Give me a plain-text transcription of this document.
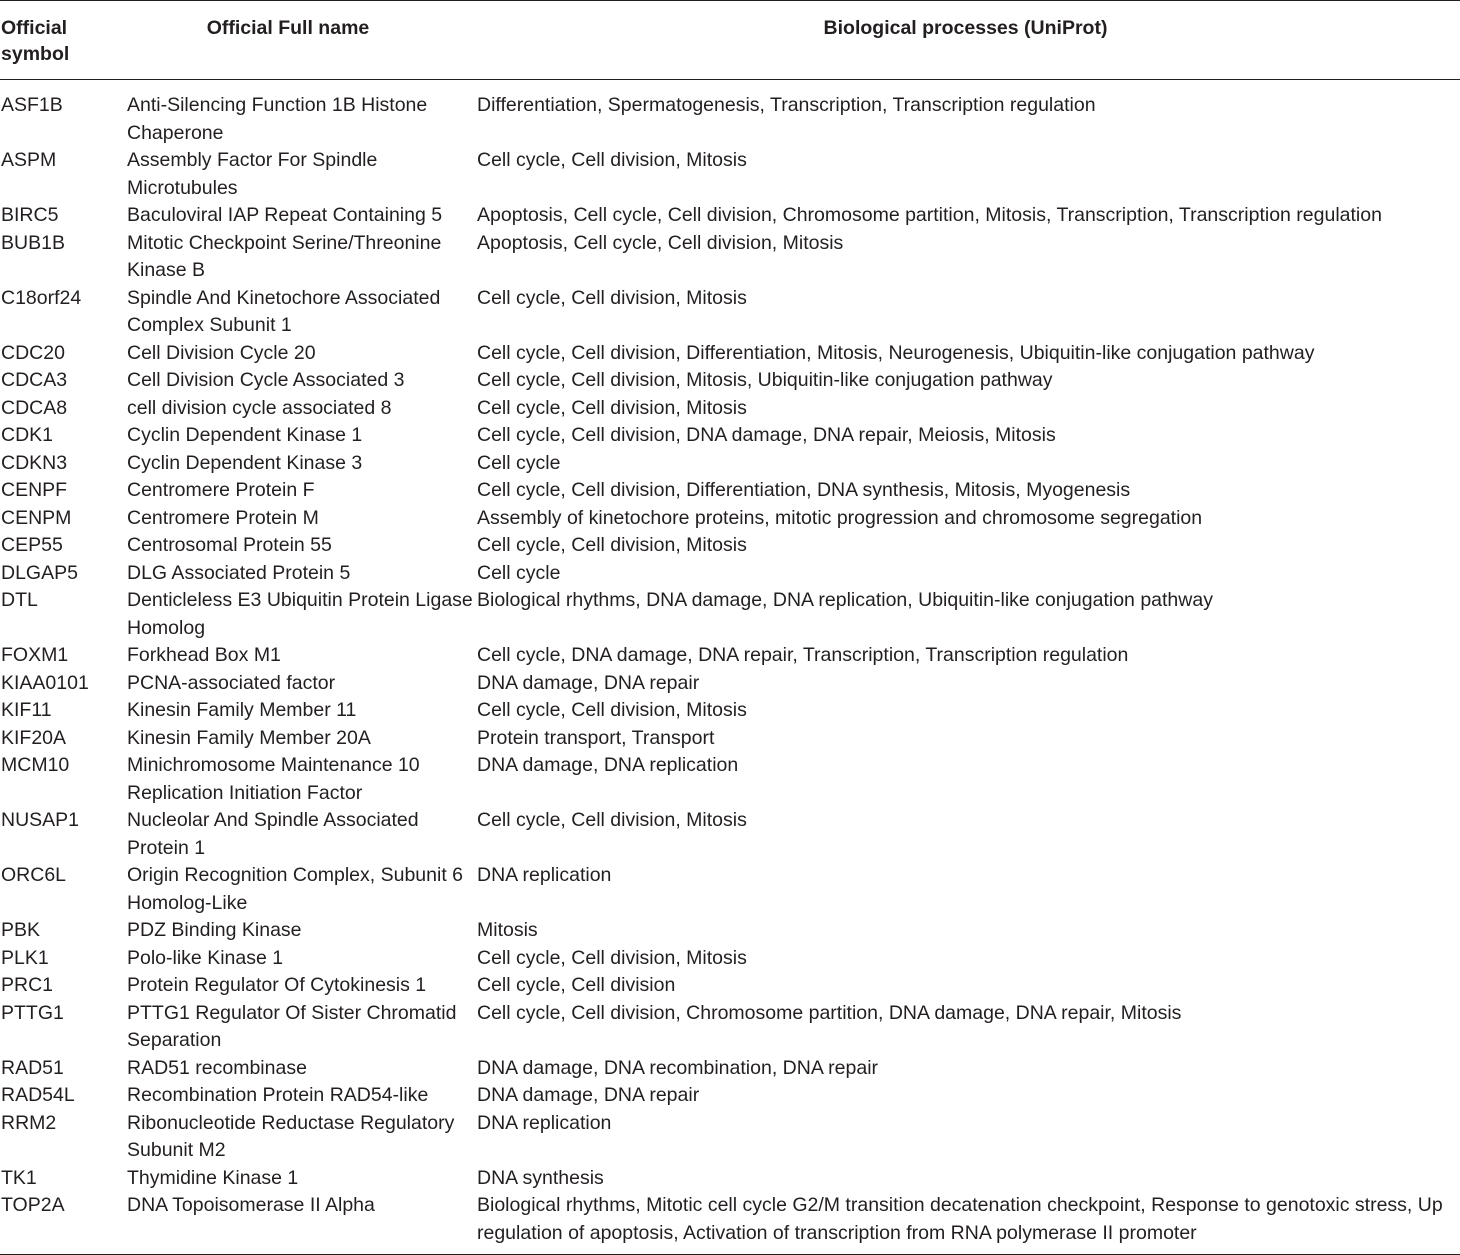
Official symbol	Official Full name	Biological processes (UniProt)
ASF1B	Anti-Silencing Function 1B Histone Chaperone	Differentiation, Spermatogenesis, Transcription, Transcription regulation
ASPM	Assembly Factor For Spindle Microtubules	Cell cycle, Cell division, Mitosis
BIRC5	Baculoviral IAP Repeat Containing 5	Apoptosis, Cell cycle, Cell division, Chromosome partition, Mitosis, Transcription, Transcription regulation
BUB1B	Mitotic Checkpoint Serine/Threonine Kinase B	Apoptosis, Cell cycle, Cell division, Mitosis
C18orf24	Spindle And Kinetochore Associated Complex Subunit 1	Cell cycle, Cell division, Mitosis
CDC20	Cell Division Cycle 20	Cell cycle, Cell division, Differentiation, Mitosis, Neurogenesis, Ubiquitin-like conjugation pathway
CDCA3	Cell Division Cycle Associated 3	Cell cycle, Cell division, Mitosis, Ubiquitin-like conjugation pathway
CDCA8	cell division cycle associated 8	Cell cycle, Cell division, Mitosis
CDK1	Cyclin Dependent Kinase 1	Cell cycle, Cell division, DNA damage, DNA repair, Meiosis, Mitosis
CDKN3	Cyclin Dependent Kinase 3	Cell cycle
CENPF	Centromere Protein F	Cell cycle, Cell division, Differentiation, DNA synthesis, Mitosis, Myogenesis
CENPM	Centromere Protein M	Assembly of kinetochore proteins, mitotic progression and chromosome segregation
CEP55	Centrosomal Protein 55	Cell cycle, Cell division, Mitosis
DLGAP5	DLG Associated Protein 5	Cell cycle
DTL	Denticleless E3 Ubiquitin Protein Ligase Homolog	Biological rhythms, DNA damage, DNA replication, Ubiquitin-like conjugation pathway
FOXM1	Forkhead Box M1	Cell cycle, DNA damage, DNA repair, Transcription, Transcription regulation
KIAA0101	PCNA-associated factor	DNA damage, DNA repair
KIF11	Kinesin Family Member 11	Cell cycle, Cell division, Mitosis
KIF20A	Kinesin Family Member 20A	Protein transport, Transport
MCM10	Minichromosome Maintenance 10 Replication Initiation Factor	DNA damage, DNA replication
NUSAP1	Nucleolar And Spindle Associated Protein 1	Cell cycle, Cell division, Mitosis
ORC6L	Origin Recognition Complex, Subunit 6 Homolog-Like	DNA replication
PBK	PDZ Binding Kinase	Mitosis
PLK1	Polo-like Kinase 1	Cell cycle, Cell division, Mitosis
PRC1	Protein Regulator Of Cytokinesis 1	Cell cycle, Cell division
PTTG1	PTTG1 Regulator Of Sister Chromatid Separation	Cell cycle, Cell division, Chromosome partition, DNA damage, DNA repair, Mitosis
RAD51	RAD51 recombinase	DNA damage, DNA recombination, DNA repair
RAD54L	Recombination Protein RAD54-like	DNA damage, DNA repair
RRM2	Ribonucleotide Reductase Regulatory Subunit M2	DNA replication
TK1	Thymidine Kinase 1	DNA synthesis
TOP2A	DNA Topoisomerase II Alpha	Biological rhythms, Mitotic cell cycle G2/M transition decatenation checkpoint, Response to genotoxic stress, Up regulation of apoptosis, Activation of transcription from RNA polymerase II promoter
